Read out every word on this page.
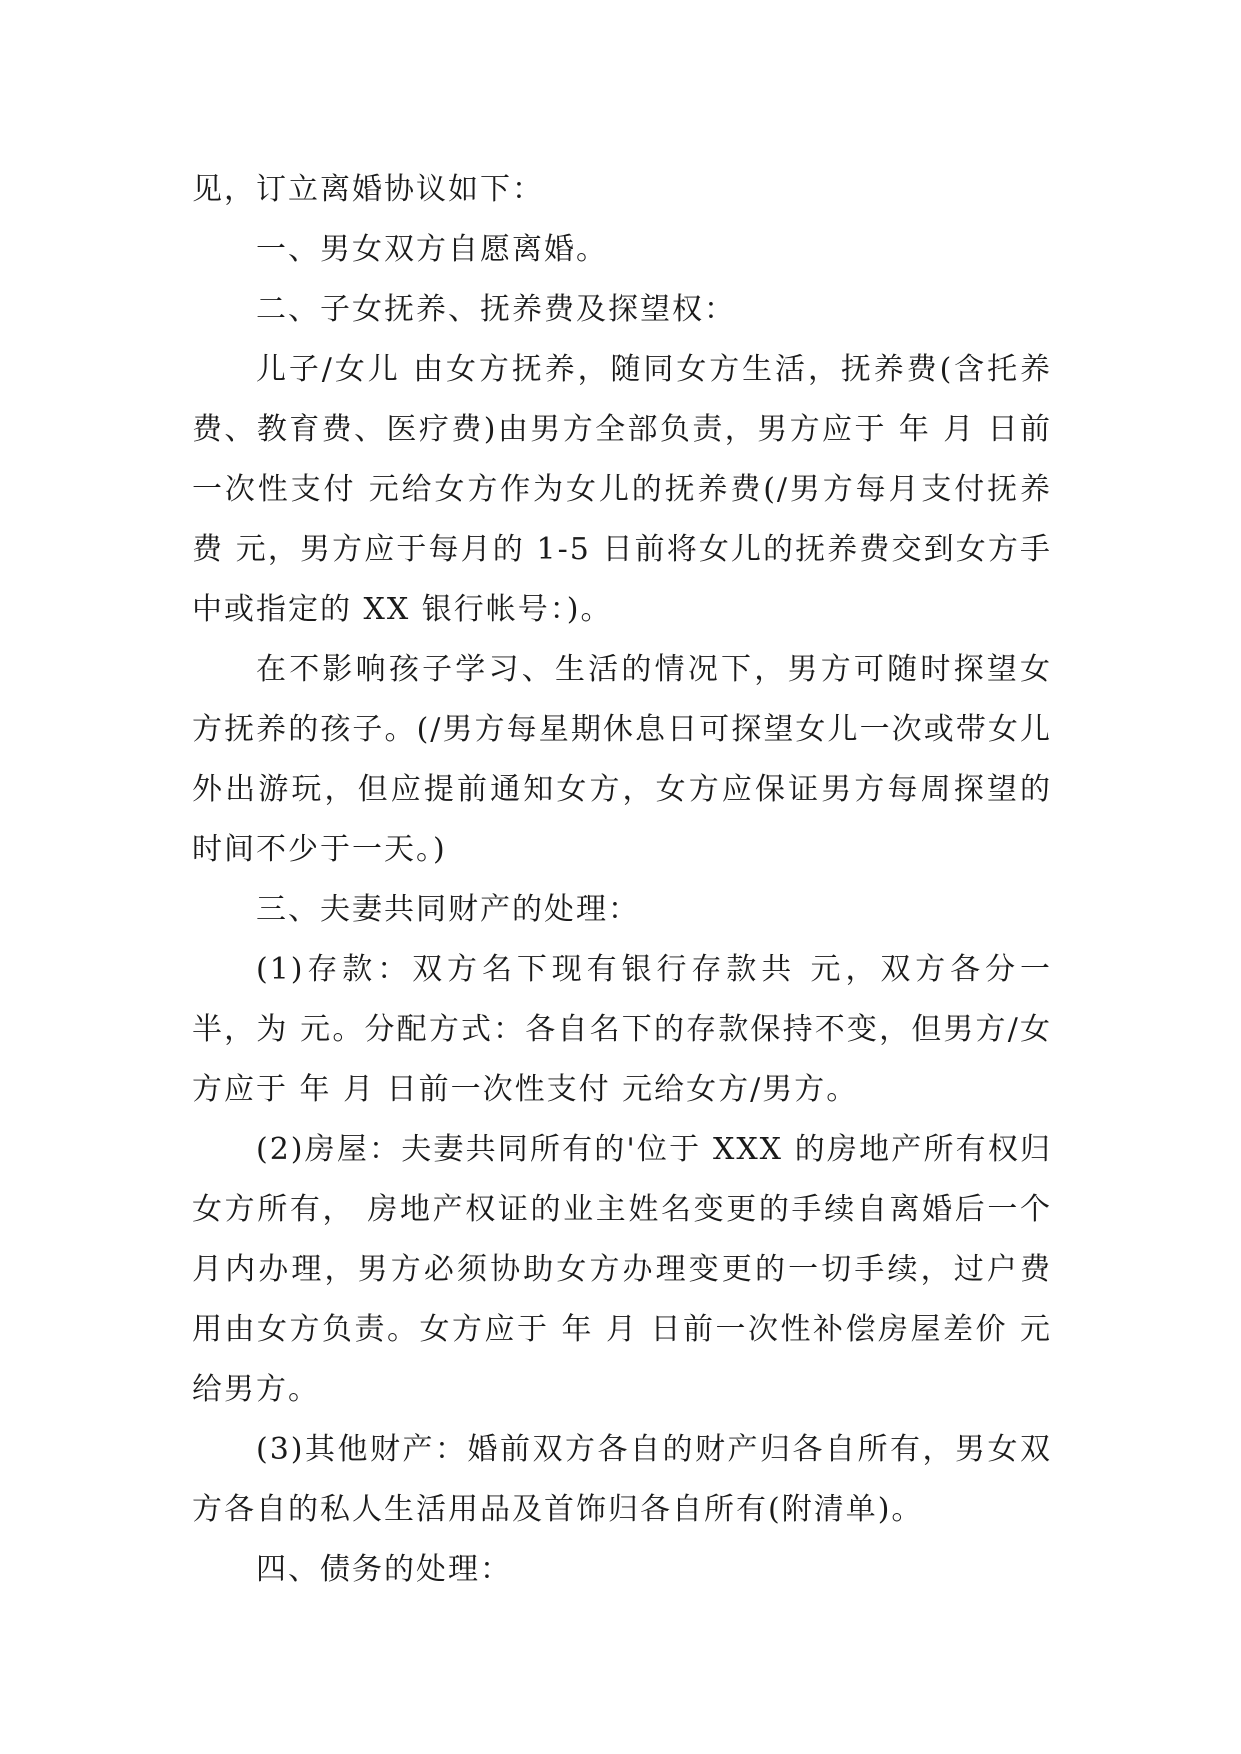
见，订立离婚协议如下：

一、男女双方自愿离婚。

二、子女抚养、抚养费及探望权：

儿子/女儿 由女方抚养，随同女方生活，抚养费(含托养费、教育费、医疗费)由男方全部负责，男方应于 年 月 日前一次性支付 元给女方作为女儿的抚养费(/男方每月支付抚养费 元，男方应于每月的 1-5 日前将女儿的抚养费交到女方手中或指定的 XX 银行帐号：)。

在不影响孩子学习、生活的情况下，男方可随时探望女方抚养的孩子。(/男方每星期休息日可探望女儿一次或带女儿外出游玩，但应提前通知女方，女方应保证男方每周探望的时间不少于一天。)

三、夫妻共同财产的处理：

(1)存款：双方名下现有银行存款共 元，双方各分一半，为 元。分配方式：各自名下的存款保持不变，但男方/女方应于 年 月 日前一次性支付 元给女方/男方。

(2)房屋：夫妻共同所有的'位于 XXX 的房地产所有权归女方所有， 房地产权证的业主姓名变更的手续自离婚后一个月内办理，男方必须协助女方办理变更的一切手续，过户费用由女方负责。女方应于 年 月 日前一次性补偿房屋差价 元给男方。

(3)其他财产：婚前双方各自的财产归各自所有，男女双方各自的私人生活用品及首饰归各自所有(附清单)。

四、债务的处理：
